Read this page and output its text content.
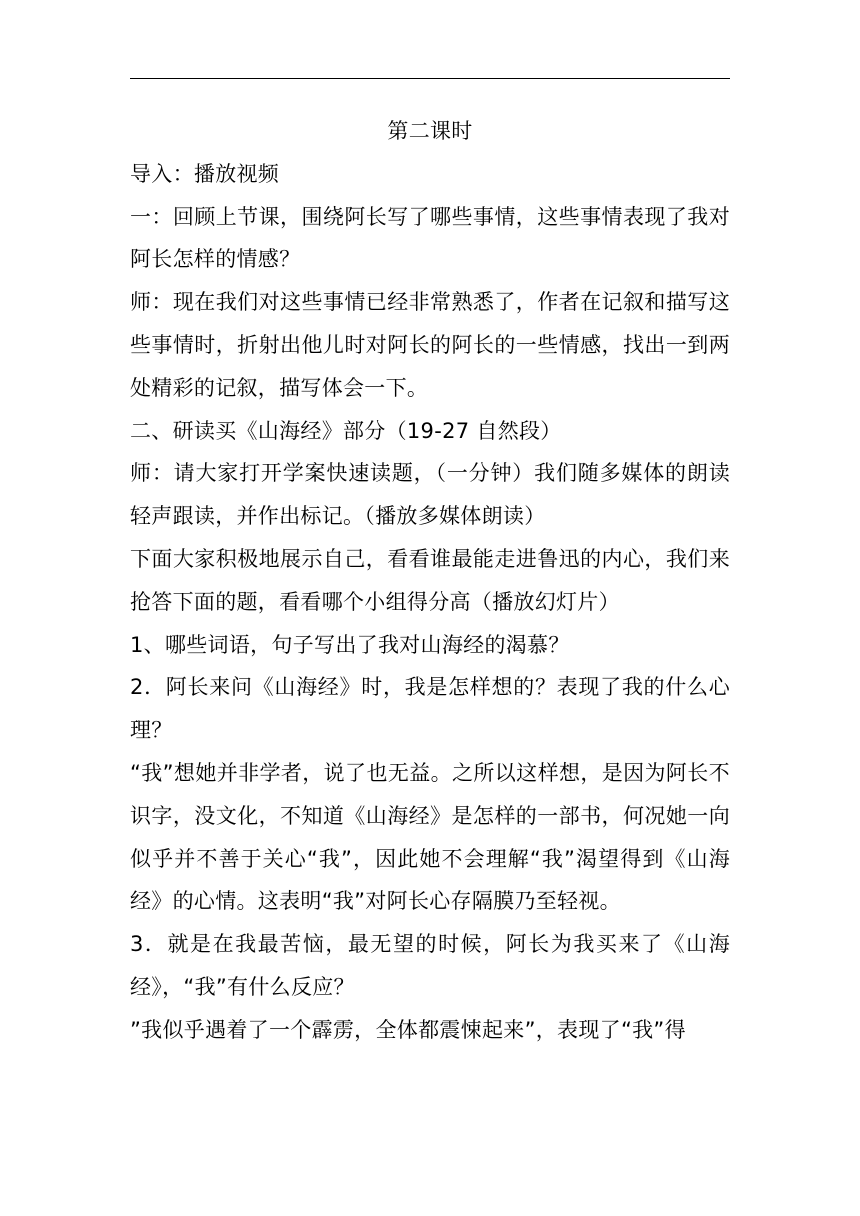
第二课时

导入：播放视频

一：回顾上节课，围绕阿长写了哪些事情，这些事情表现了我对阿长怎样的情感？

师：现在我们对这些事情已经非常熟悉了，作者在记叙和描写这些事情时，折射出他儿时对阿长的阿长的一些情感，找出一到两处精彩的记叙，描写体会一下。

二、研读买《山海经》部分（19-27 自然段）

师：请大家打开学案快速读题，（一分钟）我们随多媒体的朗读轻声跟读，并作出标记。（播放多媒体朗读）

下面大家积极地展示自己，看看谁最能走进鲁迅的内心，我们来抢答下面的题，看看哪个小组得分高（播放幻灯片）

1、哪些词语，句子写出了我对山海经的渴慕？

2．阿长来问《山海经》时，我是怎样想的？表现了我的什么心理？

“我”想她并非学者，说了也无益。之所以这样想，是因为阿长不识字，没文化，不知道《山海经》是怎样的一部书，何况她一向似乎并不善于关心“我”，因此她不会理解“我”渴望得到《山海经》的心情。这表明“我”对阿长心存隔膜乃至轻视。

3．就是在我最苦恼，最无望的时候，阿长为我买来了《山海经》，“我”有什么反应？

”我似乎遇着了一个霹雳，全体都震悚起来”，表现了“我”得
